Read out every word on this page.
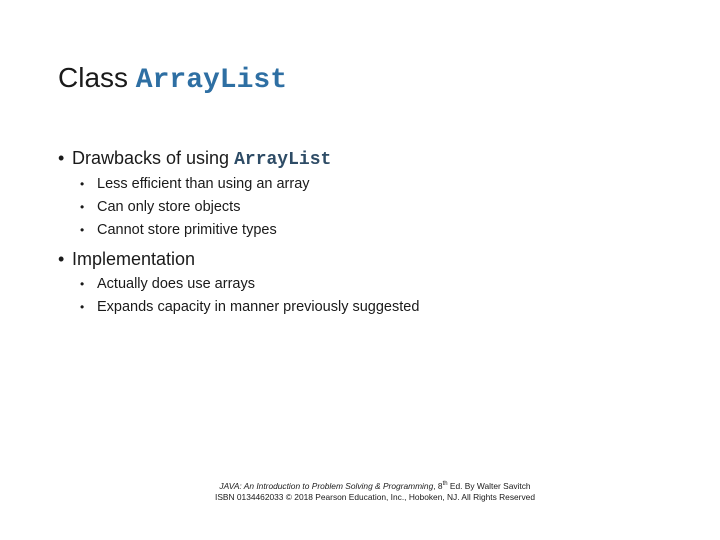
Class ArrayList
• Drawbacks of using ArrayList
• Less efficient than using an array
• Can only store objects
• Cannot store primitive types
• Implementation
• Actually does use arrays
• Expands capacity in manner previously suggested
JAVA: An Introduction to Problem Solving & Programming, 8th Ed. By Walter Savitch
ISBN 0134462033 © 2018 Pearson Education, Inc., Hoboken, NJ. All Rights Reserved
